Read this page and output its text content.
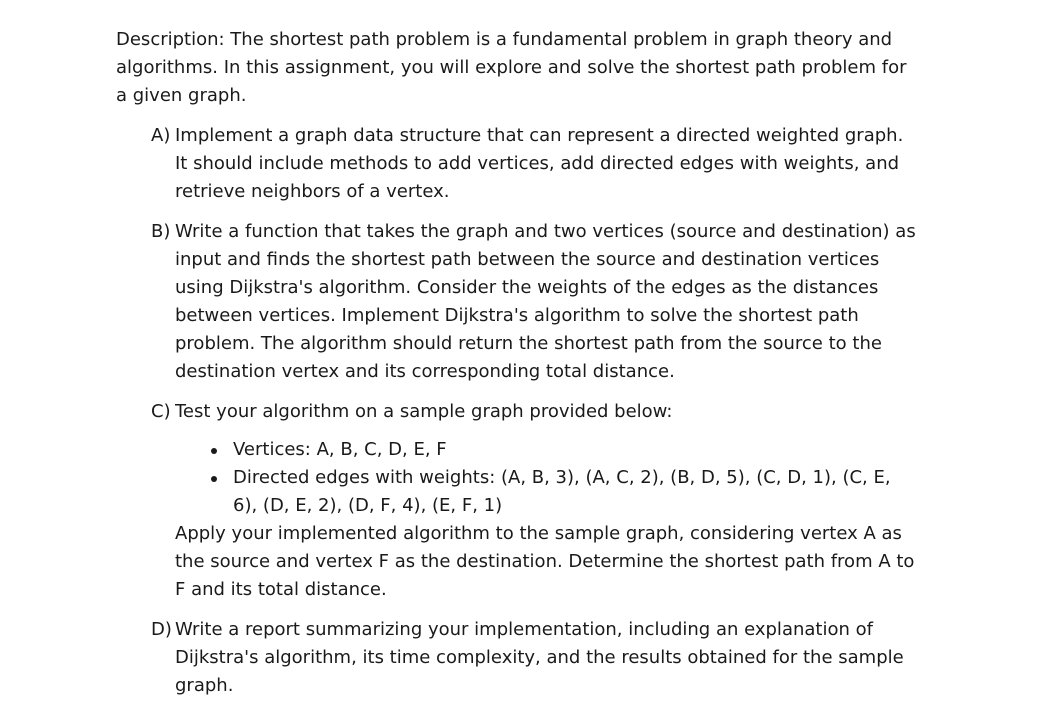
Description: The shortest path problem is a fundamental problem in graph theory and algorithms. In this assignment, you will explore and solve the shortest path problem for a given graph.

A) Implement a graph data structure that can represent a directed weighted graph. It should include methods to add vertices, add directed edges with weights, and retrieve neighbors of a vertex.

B) Write a function that takes the graph and two vertices (source and destination) as input and finds the shortest path between the source and destination vertices using Dijkstra's algorithm. Consider the weights of the edges as the distances between vertices. Implement Dijkstra's algorithm to solve the shortest path problem. The algorithm should return the shortest path from the source to the destination vertex and its corresponding total distance.

C) Test your algorithm on a sample graph provided below:

Vertices: A, B, C, D, E, F
Directed edges with weights: (A, B, 3), (A, C, 2), (B, D, 5), (C, D, 1), (C, E, 6), (D, E, 2), (D, F, 4), (E, F, 1)

Apply your implemented algorithm to the sample graph, considering vertex A as the source and vertex F as the destination. Determine the shortest path from A to F and its total distance.

D) Write a report summarizing your implementation, including an explanation of Dijkstra's algorithm, its time complexity, and the results obtained for the sample graph.
